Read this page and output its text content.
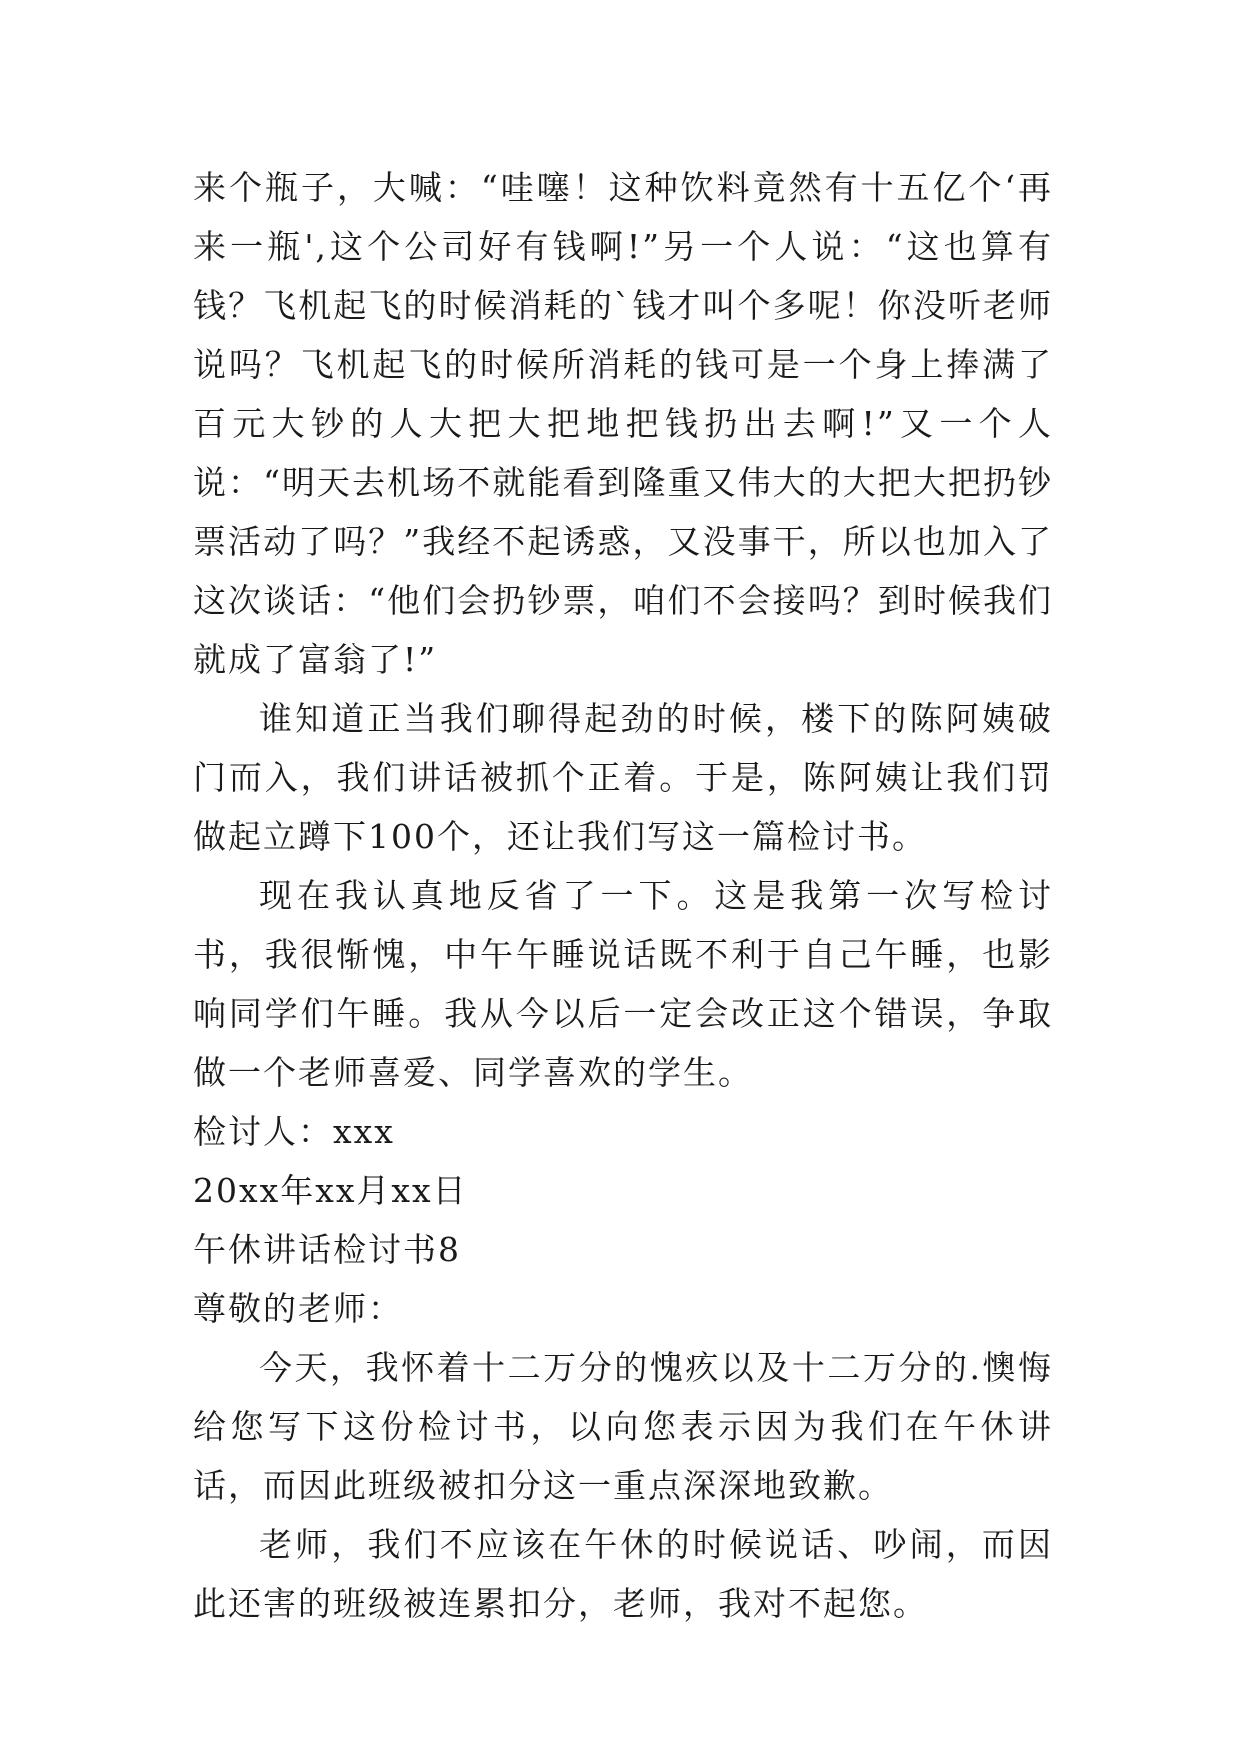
来个瓶子，大喊：“哇噻！这种饮料竟然有十五亿个‘再来一瓶',这个公司好有钱啊!”另一个人说：“这也算有钱？飞机起飞的时候消耗的`钱才叫个多呢！你没听老师说吗？飞机起飞的时候所消耗的钱可是一个身上捧满了百元大钞的人大把大把地把钱扔出去啊!”又一个人说：“明天去机场不就能看到隆重又伟大的大把大把扔钞票活动了吗？”我经不起诱惑，又没事干，所以也加入了这次谈话：“他们会扔钞票，咱们不会接吗？到时候我们就成了富翁了!”

谁知道正当我们聊得起劲的时候，楼下的陈阿姨破门而入，我们讲话被抓个正着。于是，陈阿姨让我们罚做起立蹲下100个，还让我们写这一篇检讨书。

现在我认真地反省了一下。这是我第一次写检讨书，我很惭愧，中午午睡说话既不利于自己午睡，也影响同学们午睡。我从今以后一定会改正这个错误，争取做一个老师喜爱、同学喜欢的学生。

检讨人：xxx

20xx年xx月xx日

午休讲话检讨书8

尊敬的老师：

今天，我怀着十二万分的愧疚以及十二万分的.懊悔给您写下这份检讨书，以向您表示因为我们在午休讲话，而因此班级被扣分这一重点深深地致歉。

老师，我们不应该在午休的时候说话、吵闹，而因此还害的班级被连累扣分，老师，我对不起您。
